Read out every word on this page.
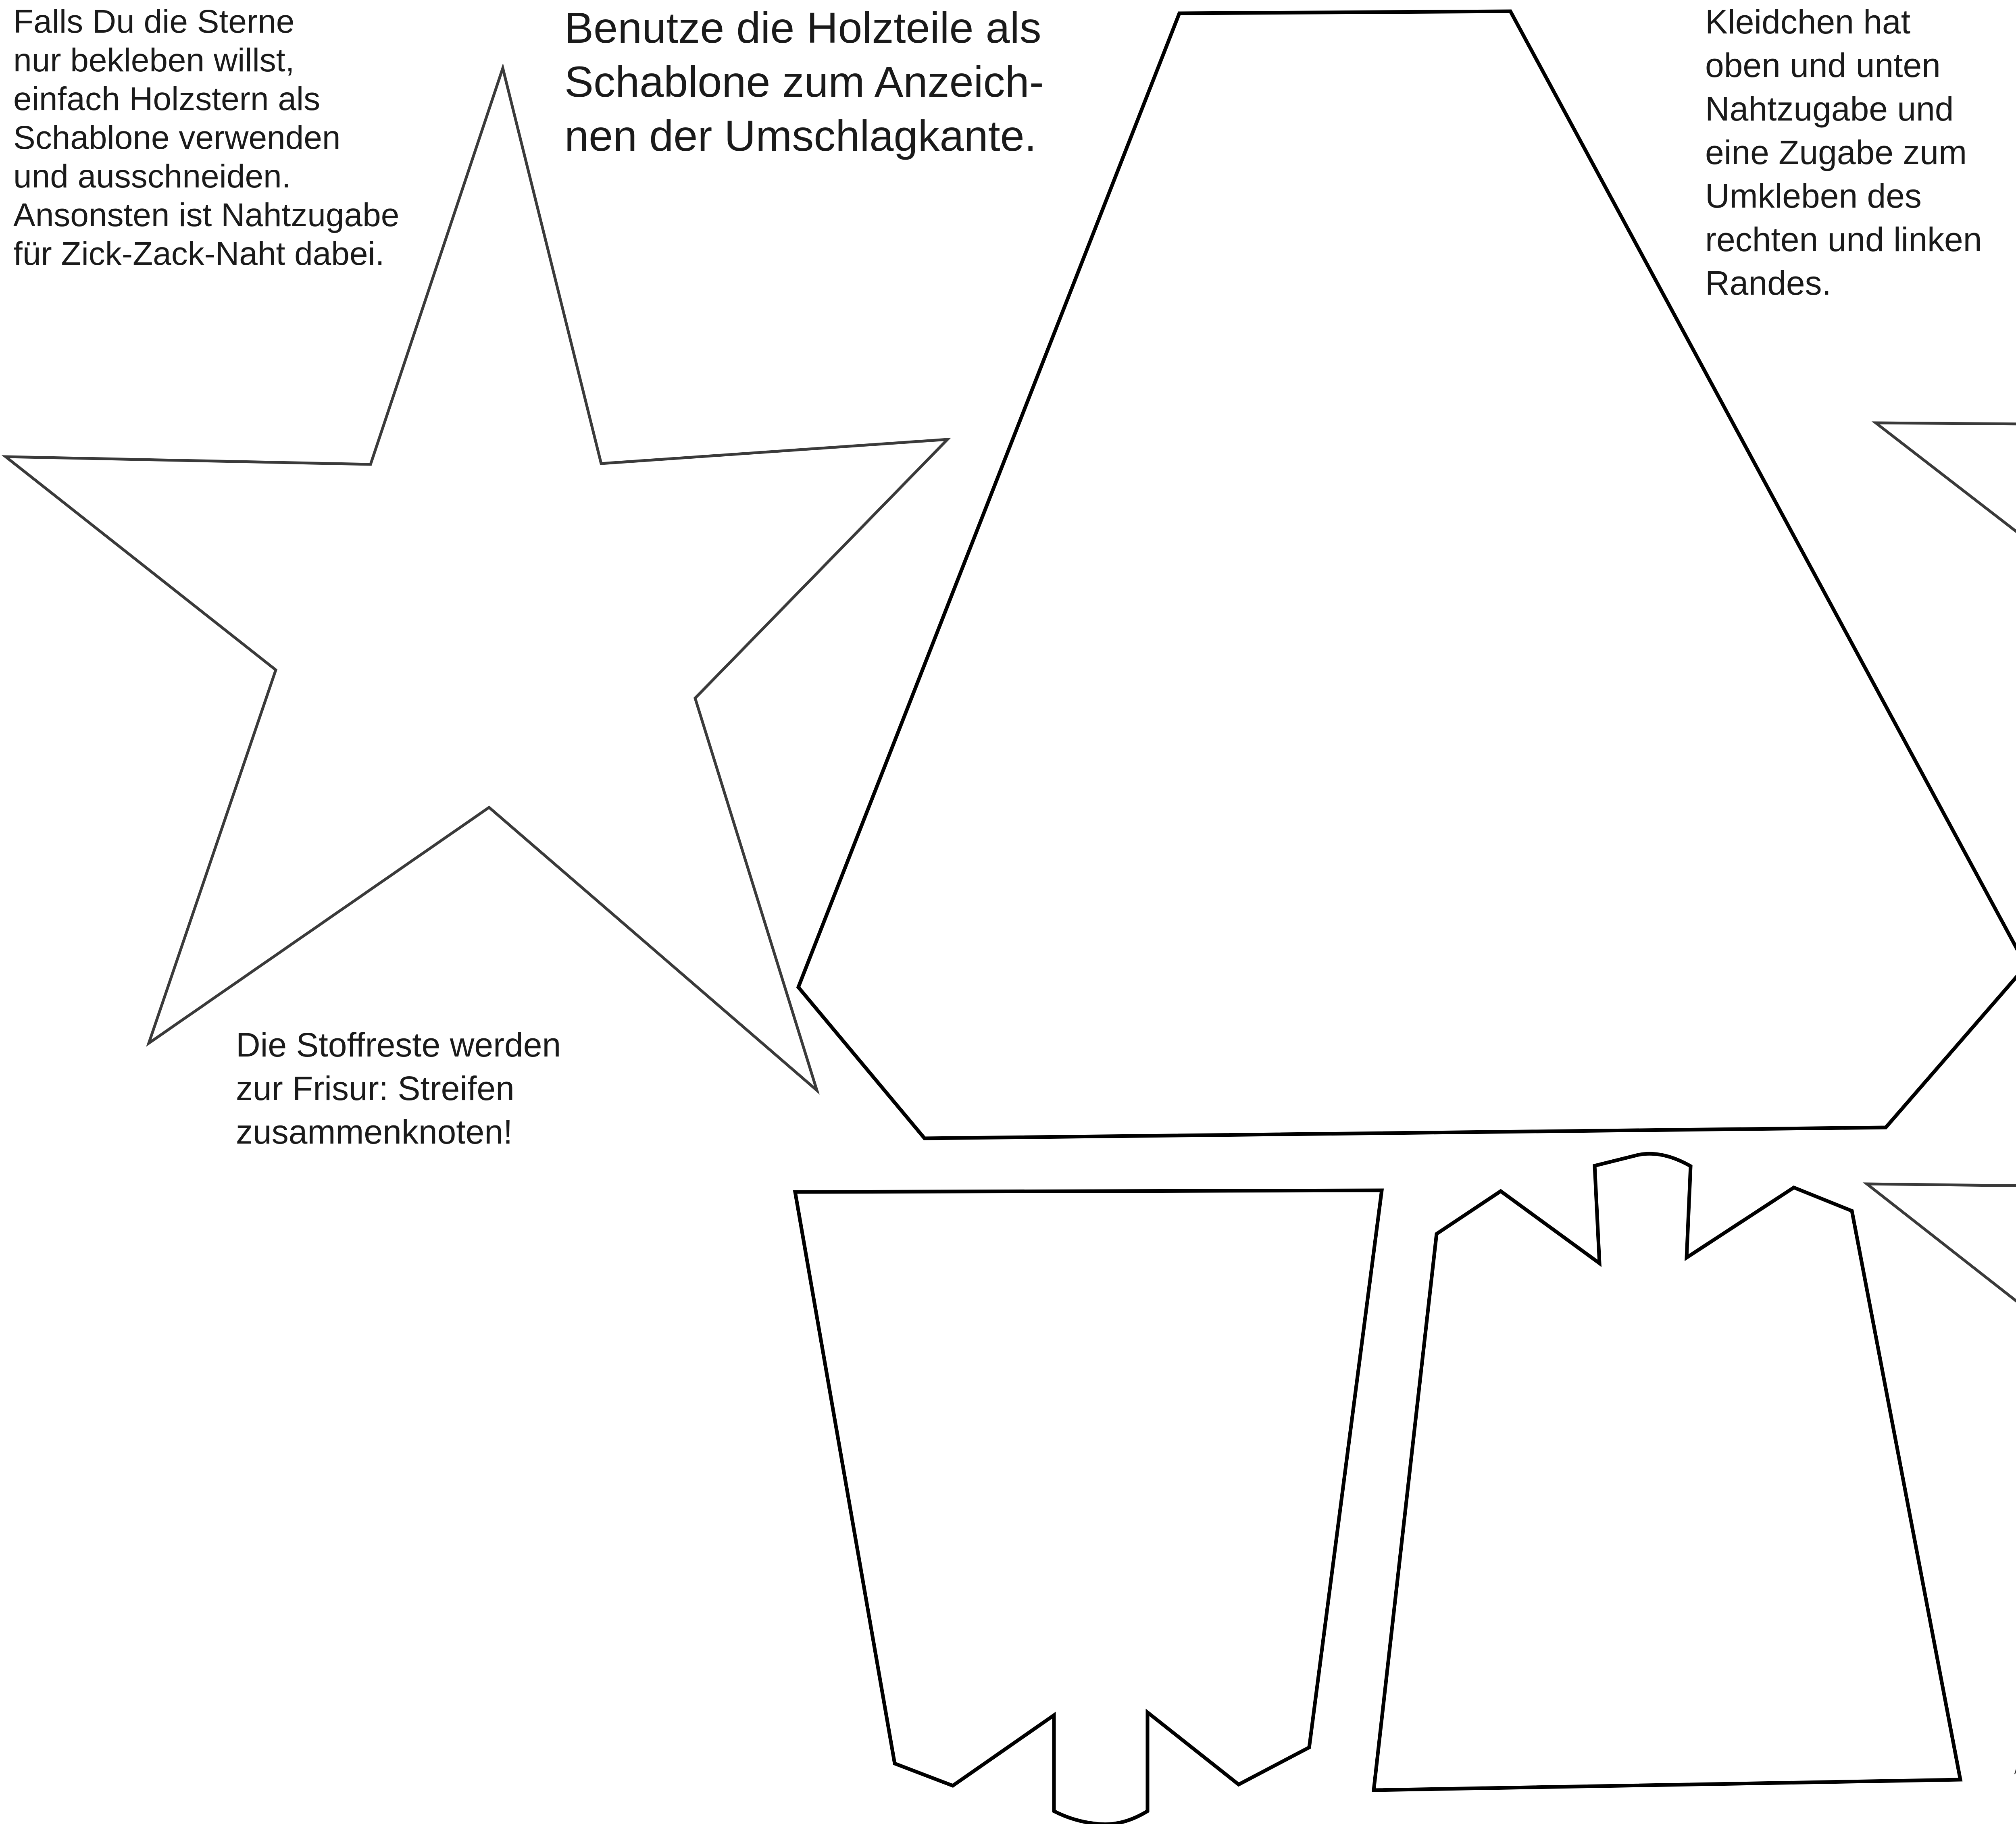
Falls Du die Sterne
nur bekleben willst,
einfach Holzstern als
Schablone verwenden
und ausschneiden.
Ansonsten ist Nahtzugabe
für Zick-Zack-Naht dabei.

Benutze die Holzteile als
Schablone zum Anzeich-
nen der Umschlagkante.

Kleidchen hat
oben und unten
Nahtzugabe und
eine Zugabe zum
Umkleben des
rechten und linken
Randes.

Die Stoffreste werden
zur Frisur: Streifen
zusammenknoten!
